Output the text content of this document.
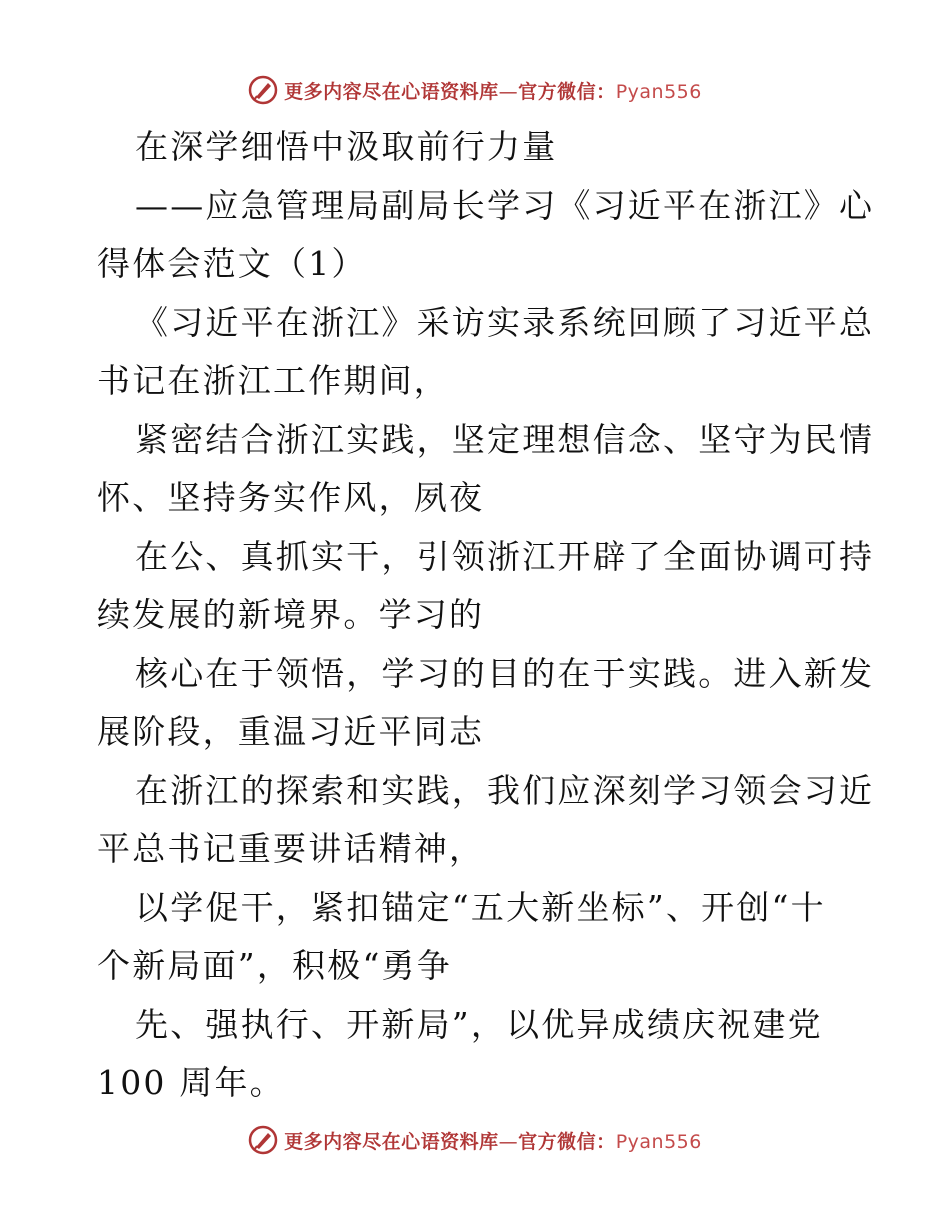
更多内容尽在心语资料库—官方微信：Pyan556
在深学细悟中汲取前行力量
——应急管理局副局长学习《习近平在浙江》心
得体会范文（1）
《习近平在浙江》采访实录系统回顾了习近平总
书记在浙江工作期间，
紧密结合浙江实践，坚定理想信念、坚守为民情
怀、坚持务实作风，夙夜
在公、真抓实干，引领浙江开辟了全面协调可持
续发展的新境界。学习的
核心在于领悟，学习的目的在于实践。进入新发
展阶段，重温习近平同志
在浙江的探索和实践，我们应深刻学习领会习近
平总书记重要讲话精神，
以学促干，紧扣锚定“五大新坐标”、开创“十
个新局面”，积极“勇争
先、强执行、开新局”，以优异成绩庆祝建党
100 周年。
更多内容尽在心语资料库—官方微信：Pyan556
